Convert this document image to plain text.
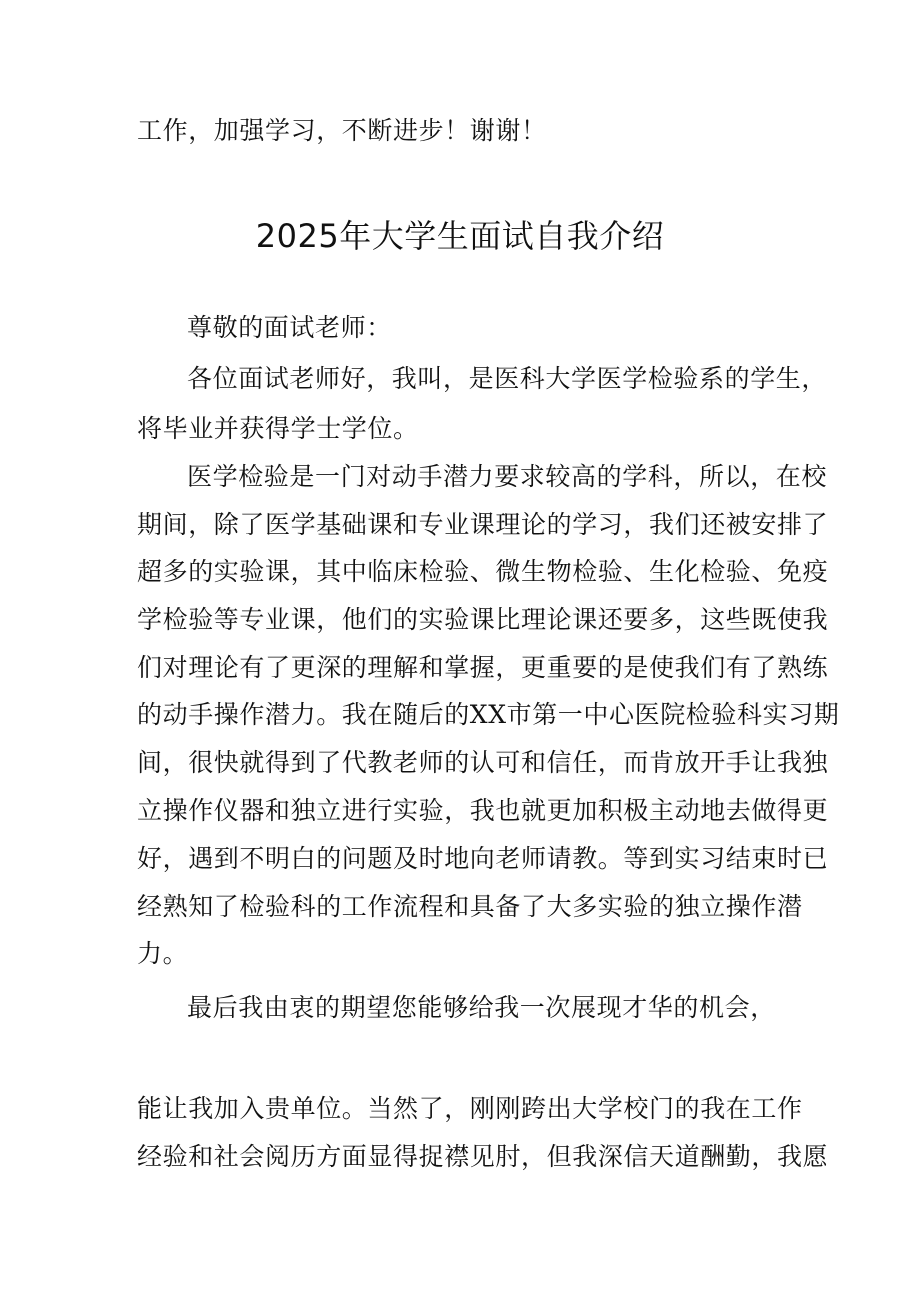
工作，加强学习，不断进步！谢谢！
2025年大学生面试自我介绍
尊敬的面试老师：
各位面试老师好，我叫，是医科大学医学检验系的学生，
将毕业并获得学士学位。
医学检验是一门对动手潜力要求较高的学科，所以，在校
期间，除了医学基础课和专业课理论的学习，我们还被安排了
超多的实验课，其中临床检验、微生物检验、生化检验、免疫
学检验等专业课，他们的实验课比理论课还要多，这些既使我
们对理论有了更深的理解和掌握，更重要的是使我们有了熟练
的动手操作潜力。我在随后的XX市第一中心医院检验科实习期
间，很快就得到了代教老师的认可和信任，而肯放开手让我独
立操作仪器和独立进行实验，我也就更加积极主动地去做得更
好，遇到不明白的问题及时地向老师请教。等到实习结束时已
经熟知了检验科的工作流程和具备了大多实验的独立操作潜
力。
最后我由衷的期望您能够给我一次展现才华的机会，
能让我加入贵单位。当然了，刚刚跨出大学校门的我在工作
经验和社会阅历方面显得捉襟见肘，但我深信天道酬勤，我愿
